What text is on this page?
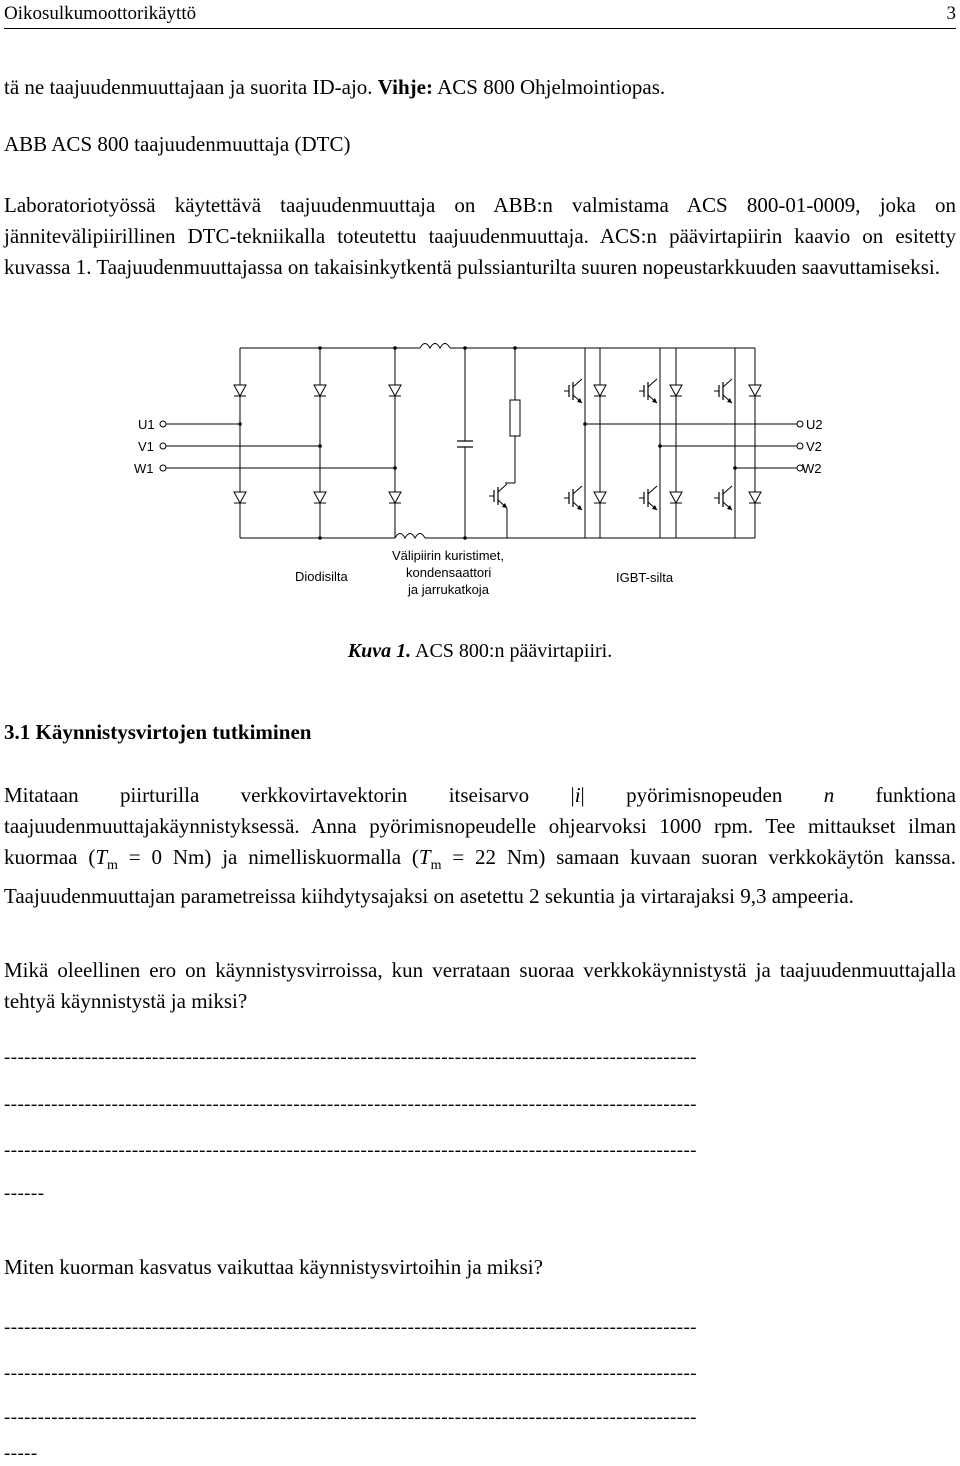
Oikosulkumoottorikäyttö	3
tä ne taajuudenmuuttajaan ja suorita ID-ajo. Vihje: ACS 800 Ohjelmointiopas.
ABB ACS 800 taajuudenmuuttaja (DTC)
Laboratoriotyössä käytettävä taajuudenmuuttaja on ABB:n valmistama ACS 800-01-0009, joka on jännitevälipiirillinen DTC-tekniikalla toteutettu taajuudenmuuttaja. ACS:n päävirtapiirin kaavio on esitetty kuvassa 1. Taajuudenmuuttajassa on takaisinkytkentä pulssianturilta suuren nopeustarkkuuden saavuttamiseksi.
U1
V1
W1
U2
V2
W2
Diodisilta
Välipiirin kuristimet,
kondensaattori
ja jarrukatkoja
IGBT-silta
Kuva 1. ACS 800:n päävirtapiiri.
3.1 Käynnistysvirtojen tutkiminen
Mitataan piirturilla verkkovirtavektorin itseisarvo |i| pyörimisnopeuden n funktiona taajuudenmuuttajakäynnistyksessä. Anna pyörimisnopeudelle ohjearvoksi 1000 rpm. Tee mittaukset ilman kuormaa ($T_m = 0$ Nm) ja nimelliskuormalla ($T_m = 22$ Nm) samaan kuvaan suoran verkkokäytön kanssa. Taajuudenmuuttajan parametreissa kiihdytysajaksi on asetettu 2 sekuntia ja virtarajaksi 9,3 ampeeria.
Mikä oleellinen ero on käynnistysvirroissa, kun verrataan suoraa verkkokäynnistystä ja taajuudenmuuttajalla tehtyä käynnistystä ja miksi?
-------------------------------------------------------------------------------------------------------
-------------------------------------------------------------------------------------------------------
-------------------------------------------------------------------------------------------------------
------
Miten kuorman kasvatus vaikuttaa käynnistysvirtoihin ja miksi?
-------------------------------------------------------------------------------------------------------
-------------------------------------------------------------------------------------------------------
-------------------------------------------------------------------------------------------------------
-----
